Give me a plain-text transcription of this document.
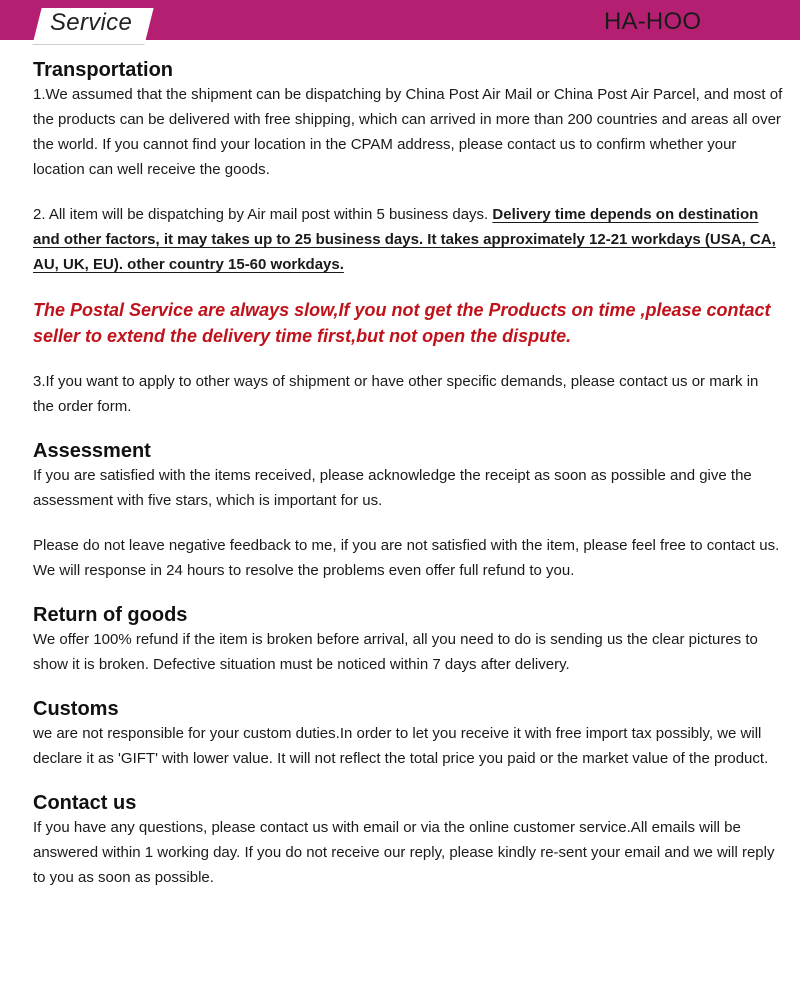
Service	HA-HOO
Transportation

1.We assumed that the shipment can be dispatching by China Post Air Mail or China Post Air Parcel, and most of the products can be delivered with free shipping, which can arrived in more than 200 countries and areas all over the world. If you cannot find your location in the CPAM address, please contact us to confirm whether your location can well receive the goods.

2. All item will be dispatching by Air mail post within 5 business days. Delivery time depends on destination and other factors, it may takes up to 25 business days. It takes approximately 12-21 workdays (USA, CA, AU, UK, EU). other country 15-60 workdays.

The Postal Service are always slow,If you not get the Products on time ,please contact seller to extend the delivery time first,but not open the dispute.

3.If you want to apply to other ways of shipment or have other specific demands, please contact us or mark in the order form.

Assessment

If you are satisfied with the items received, please acknowledge the receipt as soon as possible and give the assessment with five stars, which is important for us.

Please do not leave negative feedback to me, if you are not satisfied with the item, please feel free to contact us. We will response in 24 hours to resolve the problems even offer full refund to you.

Return of goods

We offer 100% refund if the item is broken before arrival, all you need to do is sending us the clear pictures to show it is broken. Defective situation must be noticed within 7 days after delivery.

Customs

we are not responsible for your custom duties.In order to let you receive it with free import tax possibly, we will declare it as 'GIFT' with lower value. It will not reflect the total price you paid or the market value of the product.

Contact us

If you have any questions, please contact us with email or via the online customer service.All emails will be answered within 1 working day. If you do not receive our reply, please kindly re-sent your email and we will reply to you as soon as possible.
